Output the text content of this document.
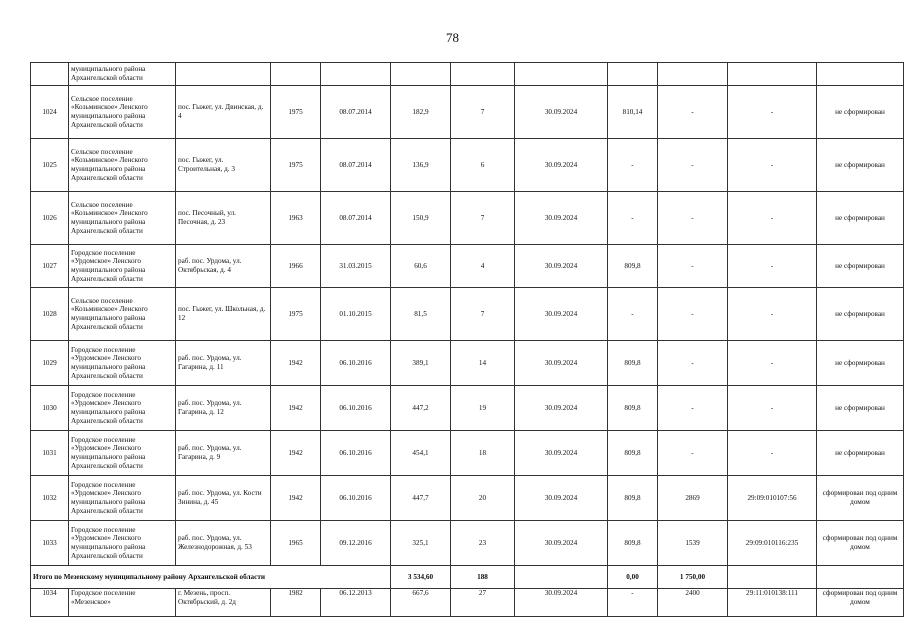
78
	муниципального района Архангельской области										
1024	Сельское поселение «Козьминское» Ленского муниципального района Архангельской области	пос. Гыжег, ул. Двинская, д. 4	1975	08.07.2014	182,9	7	30.09.2024	810,14	-	-	не сформирован
1025	Сельское поселение «Козьминское» Ленского муниципального района Архангельской области	пос. Гыжег, ул. Строительная, д. 3	1975	08.07.2014	136,9	6	30.09.2024	-	-	-	не сформирован
1026	Сельское поселение «Козьминское» Ленского муниципального района Архангельской области	пос. Песочный, ул. Песочная, д. 23	1963	08.07.2014	150,9	7	30.09.2024	-	-	-	не сформирован
1027	Городское поселение «Урдомское» Ленского муниципального района Архангельской области	раб. пос. Урдома, ул. Октябрьская, д. 4	1966	31.03.2015	60,6	4	30.09.2024	809,8	-	-	не сформирован
1028	Сельское поселение «Козьминское» Ленского муниципального района Архангельской области	пос. Гыжег, ул. Школьная, д. 12	1975	01.10.2015	81,5	7	30.09.2024	-	-	-	не сформирован
1029	Городское поселение «Урдомское» Ленского муниципального района Архангельской области	раб. пос. Урдома, ул. Гагарина, д. 11	1942	06.10.2016	389,1	14	30.09.2024	809,8	-	-	не сформирован
1030	Городское поселение «Урдомское» Ленского муниципального района Архангельской области	раб. пос. Урдома, ул. Гагарина, д. 12	1942	06.10.2016	447,2	19	30.09.2024	809,8	-	-	не сформирован
1031	Городское поселение «Урдомское» Ленского муниципального района Архангельской области	раб. пос. Урдома, ул. Гагарина, д. 9	1942	06.10.2016	454,1	18	30.09.2024	809,8	-	-	не сформирован
1032	Городское поселение «Урдомское» Ленского муниципального района Архангельской области	раб. пос. Урдома, ул. Кости Зинина, д. 45	1942	06.10.2016	447,7	20	30.09.2024	809,8	2869	29:09:010107:56	сформирован под одним домом
1033	Городское поселение «Урдомское» Ленского муниципального района Архангельской области	раб. пос. Урдома, ул. Железнодорожная, д. 53	1965	09.12.2016	325,1	23	30.09.2024	809,8	1539	29:09:010116:235	сформирован под одним домом
Итого по Мезенскому муниципальному району Архангельской области					3 534,60	188		0,00	1 750,00		
1034	Городское поселение «Мезенское»	г. Мезень, просп. Октябрьский, д. 2д	1982	06.12.2013	667,6	27	30.09.2024	-	2400	29:11:010138:111	сформирован под одним домом
